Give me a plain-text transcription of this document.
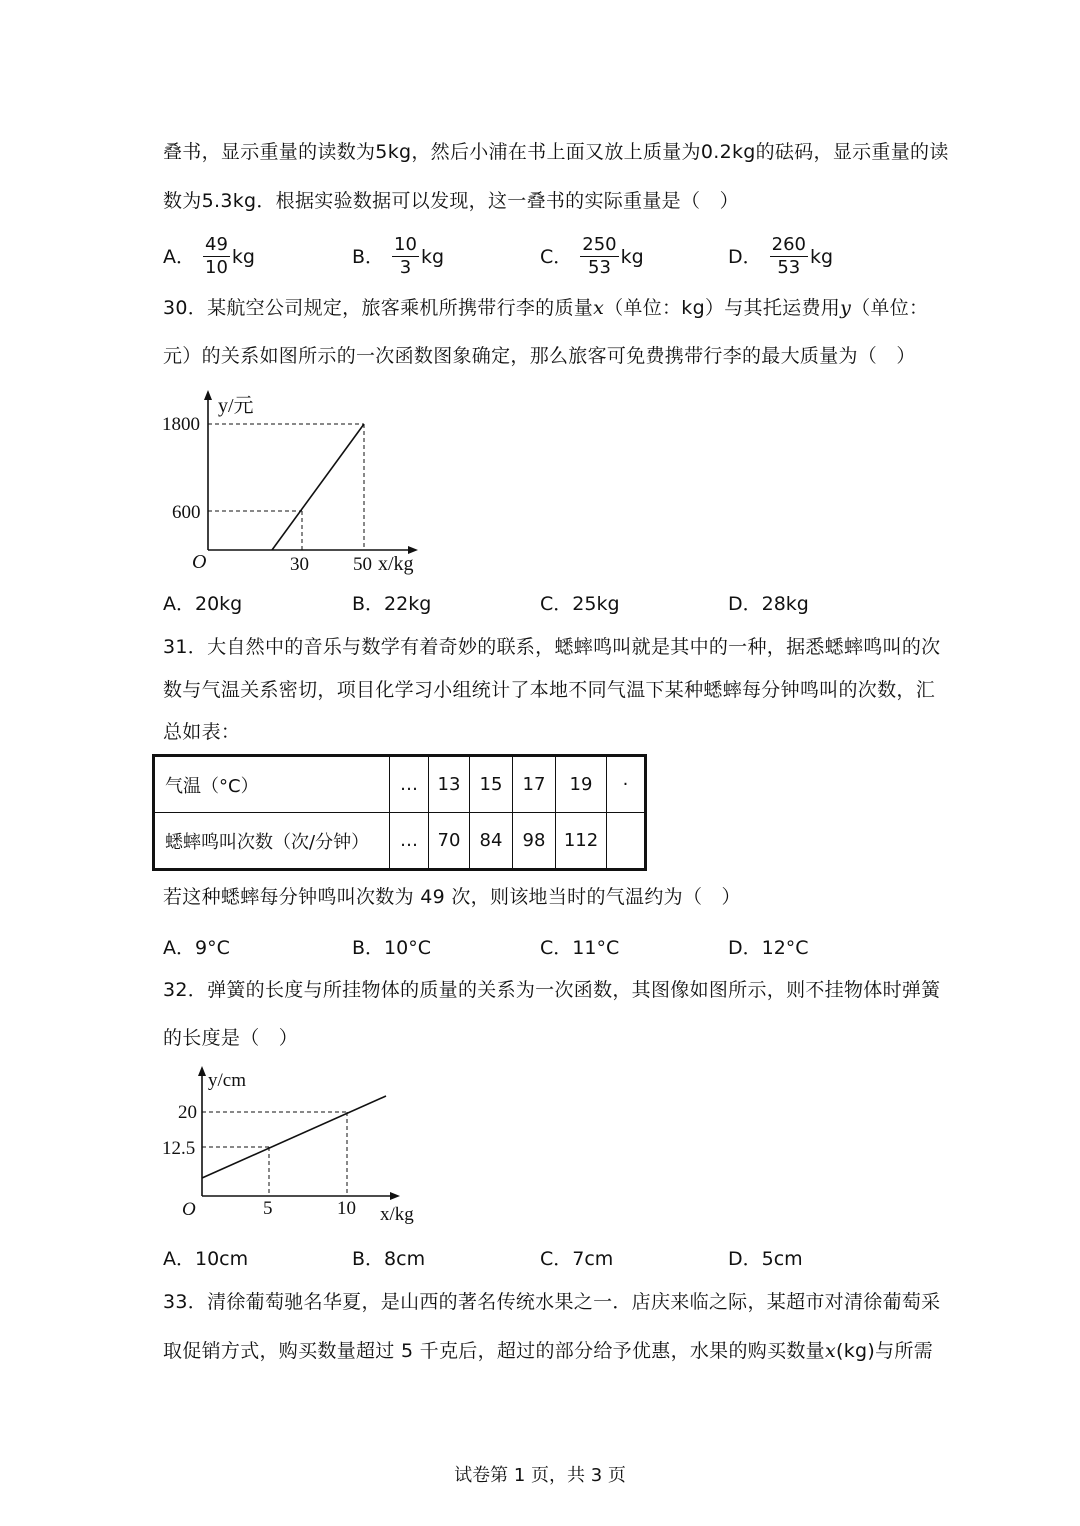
叠书，显示重量的读数为5kg，然后小浦在书上面又放上质量为0.2kg的砝码，显示重量的读
数为5.3kg．根据实验数据可以发现，这一叠书的实际重量是（　）
A． $\frac{49}{10}$ kg	B． $\frac{10}{3}$ kg	C． $\frac{250}{53}$ kg	D． $\frac{260}{53}$ kg
30．某航空公司规定，旅客乘机所携带行李的质量x（单位：kg）与其托运费用y（单位：
元）的关系如图所示的一次函数图象确定，那么旅客可免费携带行李的最大质量为（　）
y/元
1800
600
O	30 50 x/kg
A．20kg	B．22kg	C．25kg	D．28kg
31．大自然中的音乐与数学有着奇妙的联系，蟋蟀鸣叫就是其中的一种，据悉蟋蟀鸣叫的次
数与气温关系密切，项目化学习小组统计了本地不同气温下某种蟋蟀每分钟鸣叫的次数，汇
总如表：
气温（°C）	…	13	15	17	19	·
蟋蟀鸣叫次数（次/分钟）	…	70	84	98	112	
若这种蟋蟀每分钟鸣叫次数为 49 次，则该地当时的气温约为（　）
A．9°C	B．10°C	C．11°C	D．12°C
32．弹簧的长度与所挂物体的质量的关系为一次函数，其图像如图所示，则不挂物体时弹簧
的长度是（　）
y/cm
20
12.5
O	5	10 x/kg
A．10cm	B．8cm	C．7cm	D．5cm
33．清徐葡萄驰名华夏，是山西的著名传统水果之一．店庆来临之际，某超市对清徐葡萄采
取促销方式，购买数量超过 5 千克后，超过的部分给予优惠，水果的购买数量x(kg)与所需
试卷第 1 页，共 3 页
